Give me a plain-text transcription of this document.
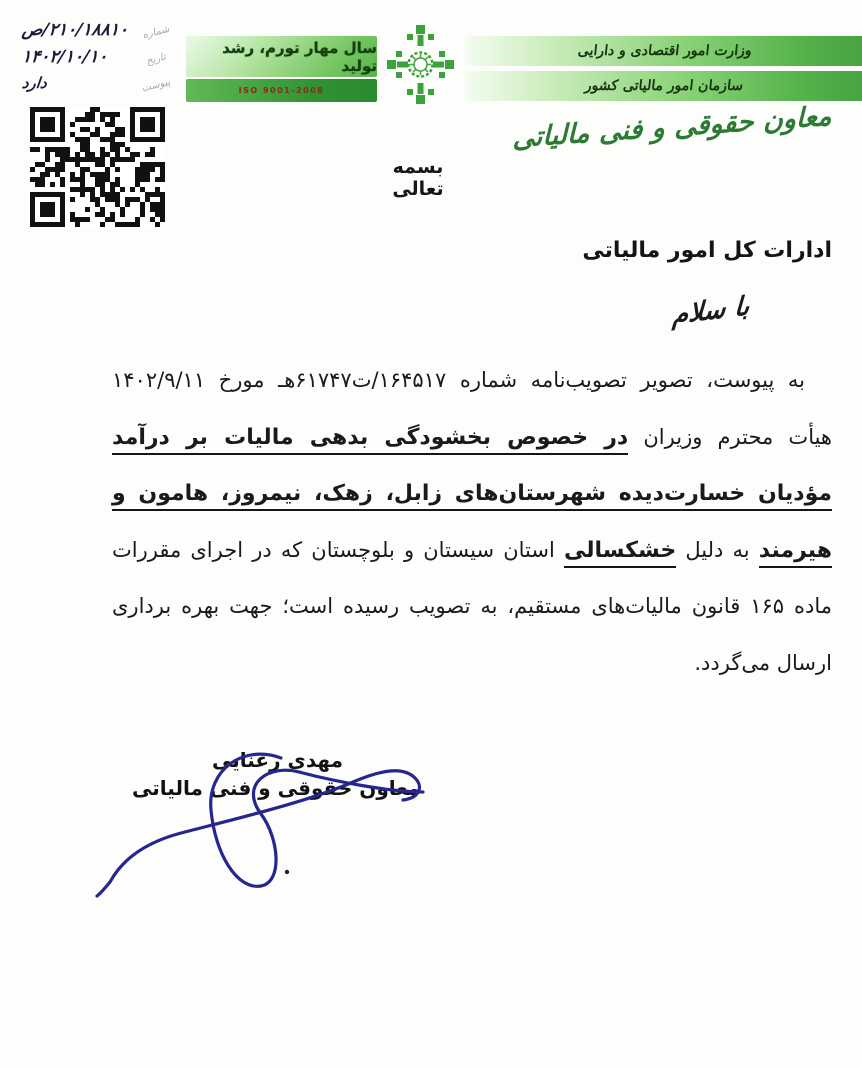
شماره
۲۱۰/۱۸۸۱۰/ص
تاریخ
۱۴۰۲/۱۰/۱۰
پیوست
دارد
سال مهار تورم، رشد تولید
ISO 9001-2008
وزارت امور اقتصادی و دارایی
سازمان امور مالیاتی کشور
معاون حقوقی و فنی مالیاتی
بسمه تعالی
ادارات کل امور مالیاتی
با سلام
به پیوست، تصویر تصویب‌نامه شماره ۱۶۴۵۱۷/ت۶۱۷۴۷هـ مورخ ۱۴۰۲/۹/۱۱
هیأت محترم وزیران در خصوص بخشودگی بدهی مالیات بر درآمد
مؤدیان خسارت‌دیده شهرستان‌های زابل، زهک، نیمروز، هامون و
هیرمند به دلیل خشکسالی استان سیستان و بلوچستان که در اجرای مقررات
ماده ۱۶۵ قانون مالیات‌های مستقیم، به تصویب رسیده است؛ جهت بهره برداری
ارسال می‌گردد.
مهدی رعنایی
معاون حقوقی و فنی مالیاتی
